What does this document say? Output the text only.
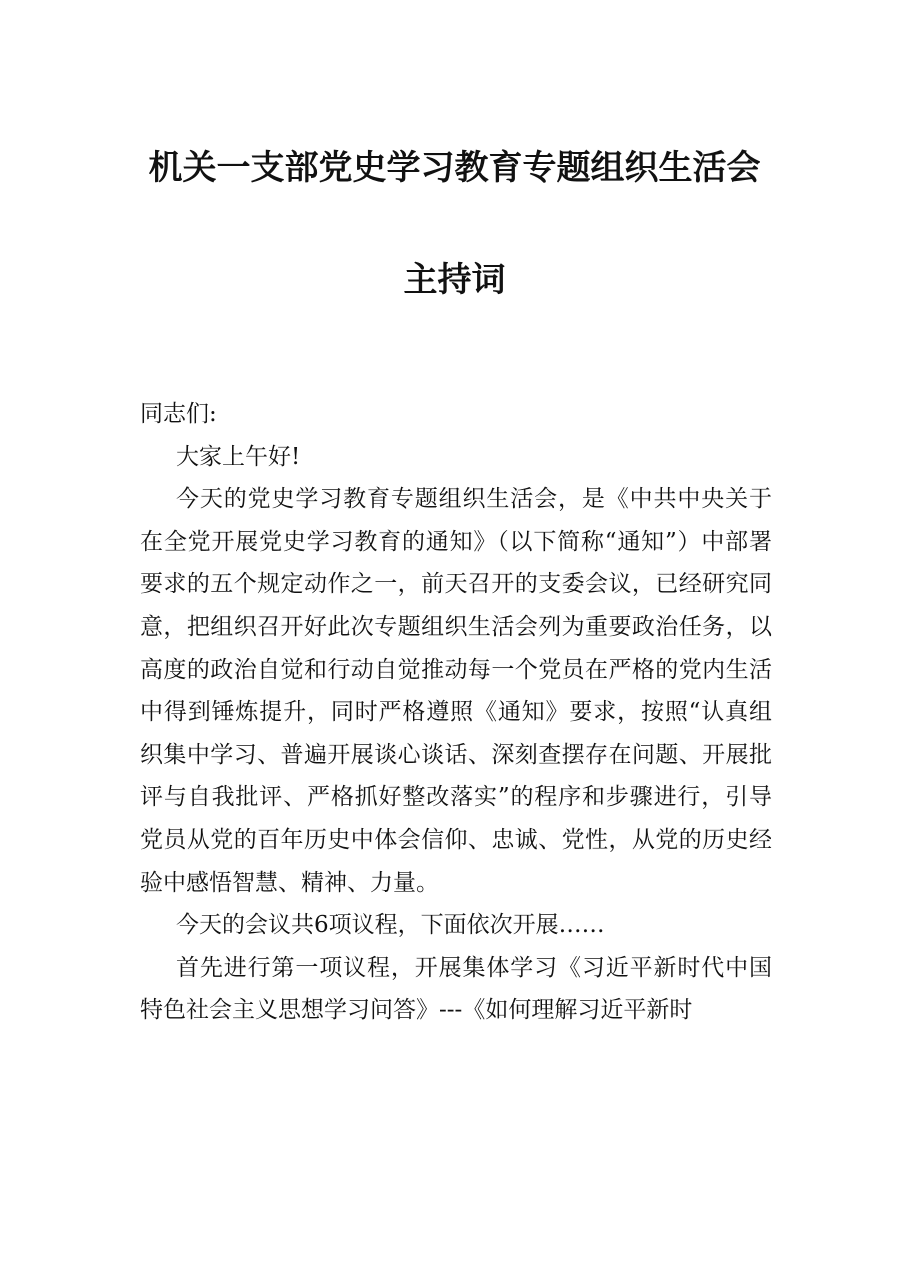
机关一支部党史学习教育专题组织生活会
主持词

同志们:

大家上午好!

今天的党史学习教育专题组织生活会，是《中共中央关于在全党开展党史学习教育的通知》（以下简称“通知”）中部署要求的五个规定动作之一，前天召开的支委会议，已经研究同意，把组织召开好此次专题组织生活会列为重要政治任务，以高度的政治自觉和行动自觉推动每一个党员在严格的党内生活中得到锤炼提升，同时严格遵照《通知》要求，按照“认真组织集中学习、普遍开展谈心谈话、深刻查摆存在问题、开展批评与自我批评、严格抓好整改落实”的程序和步骤进行，引导党员从党的百年历史中体会信仰、忠诚、党性，从党的历史经验中感悟智慧、精神、力量。

今天的会议共6项议程，下面依次开展……

首先进行第一项议程，开展集体学习《习近平新时代中国特色社会主义思想学习问答》---《如何理解习近平新时
